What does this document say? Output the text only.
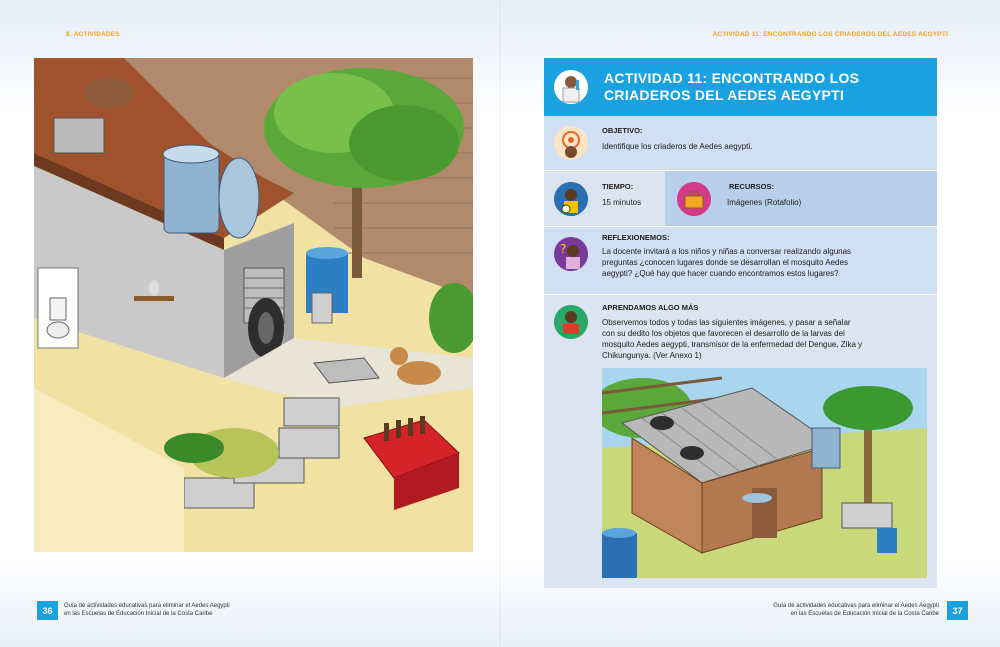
8. ACTIVIDADES
36	Guía de actividades educativas para eliminar el Aedes Aegypti
en las Escuelas de Educación Inicial de la Costa Caribe
ACTIVIDAD 11: ENCONTRANDO LOS CRIADEROS DEL AEDES AEGYPTI
ACTIVIDAD 11: ENCONTRANDO LOS
CRIADEROS DEL AEDES AEGYPTI
OBJETIVO:
Identifique los criaderos de Aedes aegypti.
TIEMPO:
15 minutos
RECURSOS:
Imágenes (Rotafolio)
?
REFLEXIONEMOS:
La docente invitará a los niños y niñas a conversar realizando algunas
preguntas ¿conocen lugares donde se desarrollan el mosquito Aedes
aegypti? ¿Qué hay que hacer cuando encontramos estos lugares?
APRENDAMOS ALGO MÁS
Observemos todos y todas las siguientes imágenes, y pasar a señalar
con su dedito los objetos que favorecen el desarrollo de la larvas del
mosquito Aedes aegypti, transmisor de la enfermedad del Dengue, Zika y
Chikungunya. (Ver Anexo 1)
37
Guía de actividades educativas para eliminar el Aedes Aegypti
en las Escuelas de Educación Inicial de la Costa Caribe
